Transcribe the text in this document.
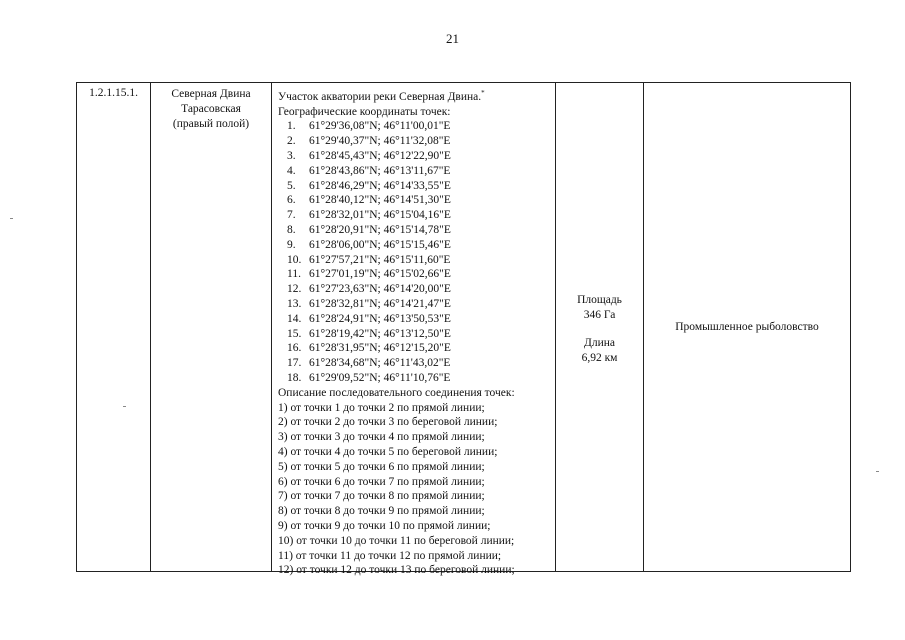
21
1.2.1.15.1.	Северная Двина
Тарасовская
(правый полой)
Участок акватории реки Северная Двина.*
Географические координаты точек:
1. 61°29'36,08"N; 46°11'00,01"E
2. 61°29'40,37"N; 46°11'32,08"E
3. 61°28'45,43"N; 46°12'22,90"E
4. 61°28'43,86"N; 46°13'11,67"E
5. 61°28'46,29"N; 46°14'33,55"E
6. 61°28'40,12"N; 46°14'51,30"E
7. 61°28'32,01"N; 46°15'04,16"E
8. 61°28'20,91"N; 46°15'14,78"E
9. 61°28'06,00"N; 46°15'15,46"E
10. 61°27'57,21"N; 46°15'11,60"E
11. 61°27'01,19"N; 46°15'02,66"E
12. 61°27'23,63"N; 46°14'20,00"E
13. 61°28'32,81"N; 46°14'21,47"E
14. 61°28'24,91"N; 46°13'50,53"E
15. 61°28'19,42"N; 46°13'12,50"E
16. 61°28'31,95"N; 46°12'15,20"E
17. 61°28'34,68"N; 46°11'43,02"E
18. 61°29'09,52"N; 46°11'10,76"E
Описание последовательного соединения точек:
1) от точки 1 до точки 2 по прямой линии;
2) от точки 2 до точки 3 по береговой линии;
3) от точки 3 до точки 4 по прямой линии;
4) от точки 4 до точки 5 по береговой линии;
5) от точки 5 до точки 6 по прямой линии;
6) от точки 6 до точки 7 по прямой линии;
7) от точки 7 до точки 8 по прямой линии;
8) от точки 8 до точки 9 по прямой линии;
9) от точки 9 до точки 10 по прямой линии;
10) от точки 10 до точки 11 по береговой линии;
11) от точки 11 до точки 12 по прямой линии;
12) от точки 12 до точки 13 по береговой линии;
Площадь
346 Га
Длина
6,92 км
Промышленное рыболовство
